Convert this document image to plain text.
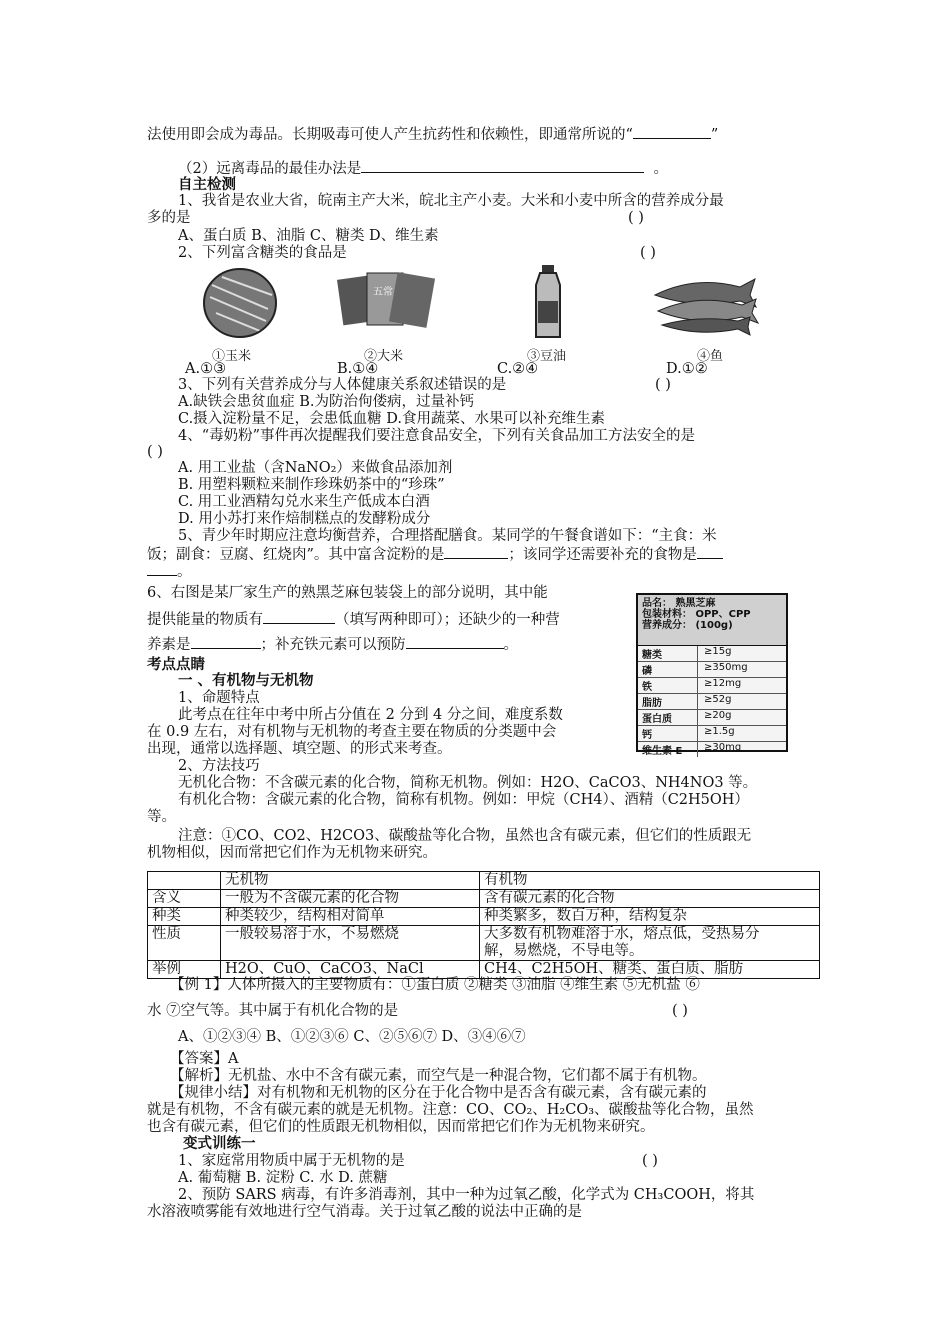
法使用即会成为毒品。长期吸毒可使人产生抗药性和依赖性，即通常所说的“	”
（2）远离毒品的最佳办法是	。
自主检测
1、我省是农业大省，皖南主产大米，皖北主产小麦。大米和小麦中所含的营养成分最
多的是	( )
A、蛋白质 B、油脂 C、糖类 D、维生素
2、下列富含糖类的食品是	( )
五常
①玉米	②大米	③豆油	④鱼
A.①③	B.①④	C.②④	D.①②
3、下列有关营养成分与人体健康关系叙述错误的是	( )
A.缺铁会患贫血症 B.为防治佝偻病，过量补钙
C.摄入淀粉量不足，会患低血糖 D.食用蔬菜、水果可以补充维生素
4、“毒奶粉”事件再次提醒我们要注意食品安全，下列有关食品加工方法安全的是
( )
A. 用工业盐（含NaNO₂）来做食品添加剂
B. 用塑料颗粒来制作珍珠奶茶中的“珍珠”
C. 用工业酒精勾兑水来生产低成本白酒
D. 用小苏打来作焙制糕点的发酵粉成分
5、青少年时期应注意均衡营养，合理搭配膳食。某同学的午餐食谱如下：“主食：米
饭；副食：豆腐、红烧肉”。其中富含淀粉的是	；该同学还需要补充的食物是
。
6、右图是某厂家生产的熟黑芝麻包装袋上的部分说明，其中能
提供能量的物质有	（填写两种即可）；还缺少的一种营
养素是	；补充铁元素可以预防	。
品名： 熟黑芝麻
包装材料： OPP、CPP
营养成分： (100g)
糖类	≥15g
磷	≥350mg
铁	≥12mg
脂肪	≥52g
蛋白质	≥20g
钙	≥1.5g
维生素 E	≥30mg
考点点睛
一 、有机物与无机物
1、命题特点
此考点在往年中考中所占分值在 2 分到 4 分之间，难度系数
在 0.9 左右，对有机物与无机物的考查主要在物质的分类题中会
出现，通常以选择题、填空题、的形式来考查。
2、方法技巧
无机化合物：不含碳元素的化合物，简称无机物。例如：H2O、CaCO3、NH4NO3 等。
有机化合物：含碳元素的化合物，简称有机物。例如：甲烷（CH4）、酒精（C2H5OH）
等。
注意：①CO、CO2、H2CO3、碳酸盐等化合物，虽然也含有碳元素，但它们的性质跟无
机物相似，因而常把它们作为无机物来研究。
	无机物	有机物
含义	一般为不含碳元素的化合物	含有碳元素的化合物
种类	种类较少，结构相对简单	种类繁多，数百万种，结构复杂
性质	一般较易溶于水，不易燃烧	大多数有机物难溶于水，熔点低，受热易分
解，易燃烧，不导电等。

举例	H2O、CuO、CaCO3、NaCl	CH4、C2H5OH、糖类、蛋白质、脂肪
【例 1】人体所摄入的主要物质有：①蛋白质 ②糖类 ③油脂 ④维生素 ⑤无机盐 ⑥
水 ⑦空气等。其中属于有机化合物的是	( )
A、①②③④ B、①②③⑥ C、②⑤⑥⑦ D、③④⑥⑦
【答案】A
【解析】无机盐、水中不含有碳元素，而空气是一种混合物，它们都不属于有机物。
【规律小结】对有机物和无机物的区分在于化合物中是否含有碳元素，含有碳元素的
就是有机物，不含有碳元素的就是无机物。注意：CO、CO₂、H₂CO₃、碳酸盐等化合物，虽然
也含有碳元素，但它们的性质跟无机物相似，因而常把它们作为无机物来研究。
变式训练一
1、家庭常用物质中属于无机物的是	( )
A. 葡萄糖 B. 淀粉 C. 水 D. 蔗糖
2、预防 SARS 病毒，有许多消毒剂，其中一种为过氧乙酸，化学式为 CH₃COOH，将其
水溶液喷雾能有效地进行空气消毒。关于过氧乙酸的说法中正确的是
